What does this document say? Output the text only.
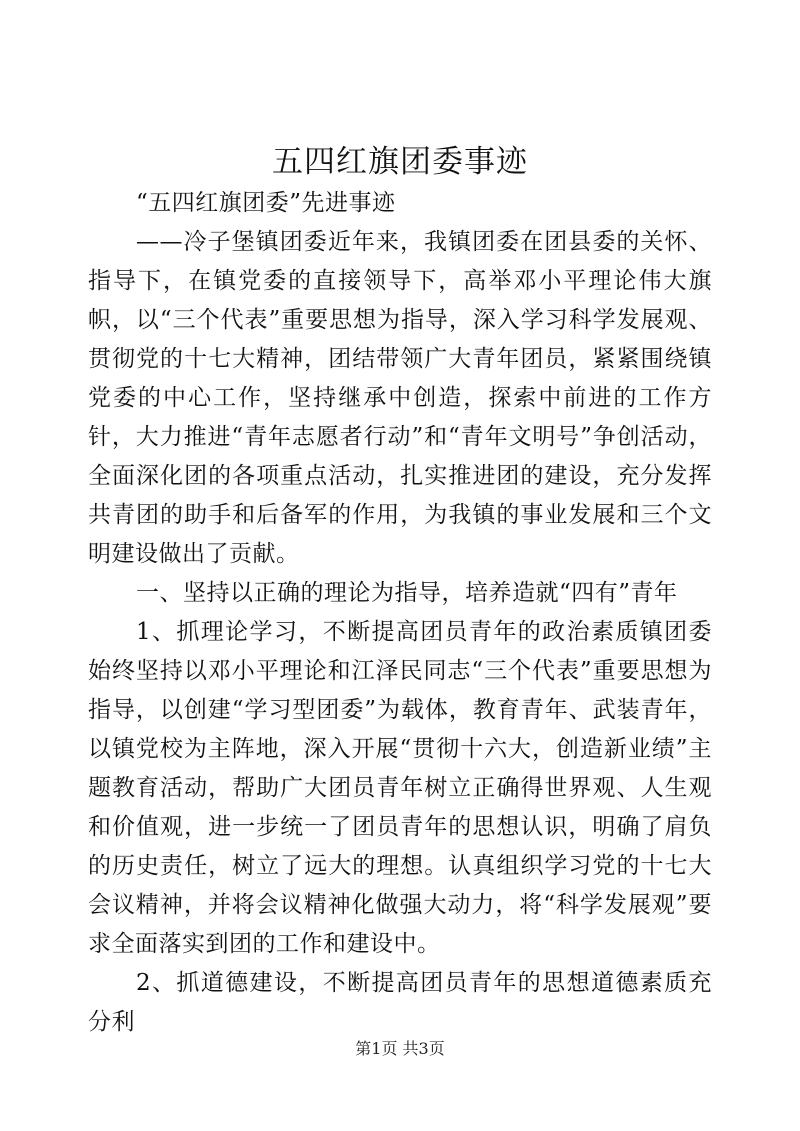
五四红旗团委事迹

“五四红旗团委”先进事迹

——冷子堡镇团委近年来，我镇团委在团县委的关怀、指导下，在镇党委的直接领导下，高举邓小平理论伟大旗帜，以“三个代表”重要思想为指导，深入学习科学发展观、贯彻党的十七大精神，团结带领广大青年团员，紧紧围绕镇党委的中心工作，坚持继承中创造，探索中前进的工作方针，大力推进“青年志愿者行动”和“青年文明号”争创活动，全面深化团的各项重点活动，扎实推进团的建设，充分发挥共青团的助手和后备军的作用，为我镇的事业发展和三个文明建设做出了贡献。

一、坚持以正确的理论为指导，培养造就“四有”青年

1、抓理论学习，不断提高团员青年的政治素质镇团委始终坚持以邓小平理论和江泽民同志“三个代表”重要思想为指导，以创建“学习型团委”为载体，教育青年、武装青年，以镇党校为主阵地，深入开展“贯彻十六大，创造新业绩”主题教育活动，帮助广大团员青年树立正确得世界观、人生观和价值观，进一步统一了团员青年的思想认识，明确了肩负的历史责任，树立了远大的理想。认真组织学习党的十七大会议精神，并将会议精神化做强大动力，将“科学发展观”要求全面落实到团的工作和建设中。

2、抓道德建设，不断提高团员青年的思想道德素质充分利

第1页 共3页
